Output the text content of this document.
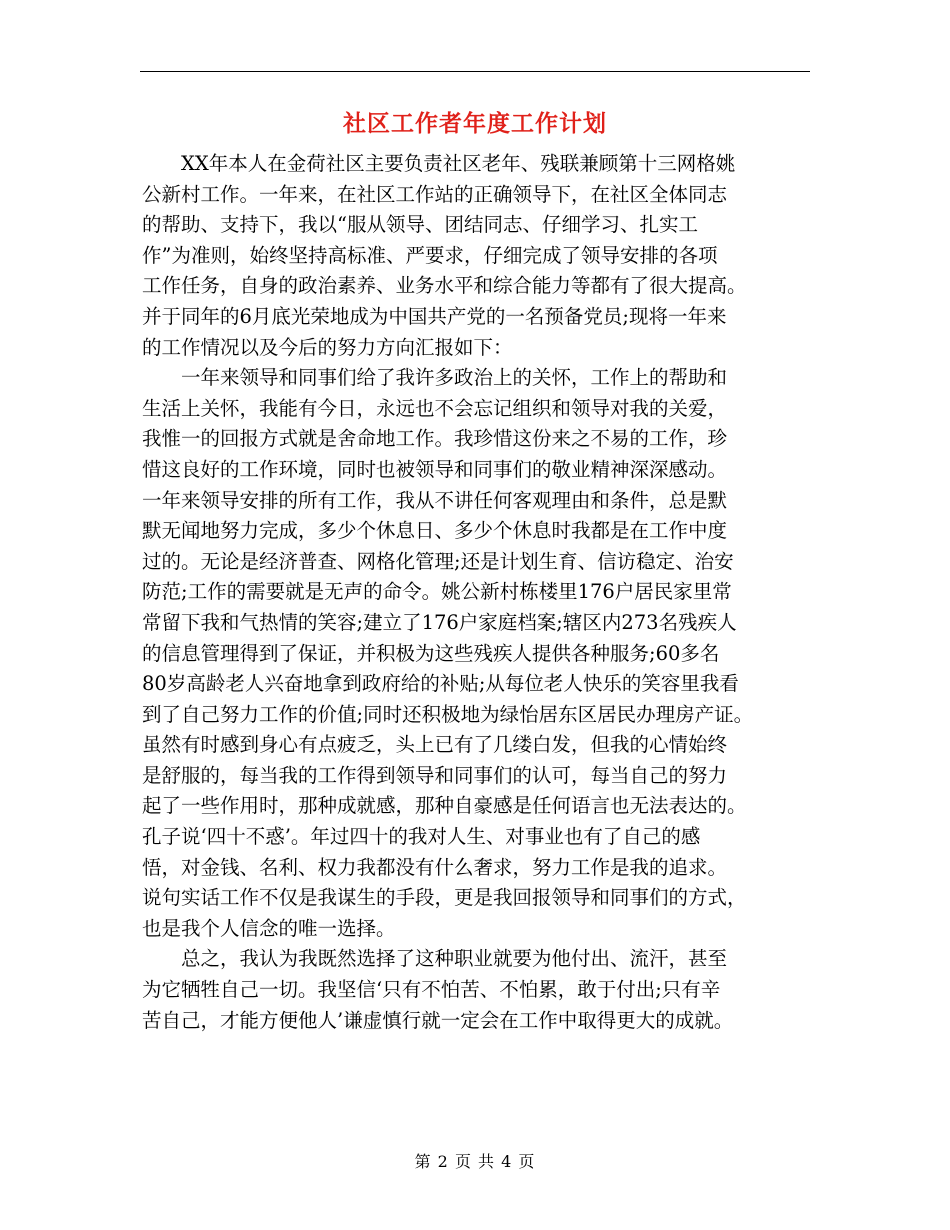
社区工作者年度工作计划
　　XX年本人在金荷社区主要负责社区老年、残联兼顾第十三网格姚
公新村工作。一年来，在社区工作站的正确领导下，在社区全体同志
的帮助、支持下，我以“服从领导、团结同志、仔细学习、扎实工
作”为准则，始终坚持高标准、严要求，仔细完成了领导安排的各项
工作任务，自身的政治素养、业务水平和综合能力等都有了很大提高。
并于同年的6月底光荣地成为中国共产党的一名预备党员;现将一年来
的工作情况以及今后的努力方向汇报如下：
　　一年来领导和同事们给了我许多政治上的关怀，工作上的帮助和
生活上关怀，我能有今日，永远也不会忘记组织和领导对我的关爱，
我惟一的回报方式就是舍命地工作。我珍惜这份来之不易的工作，珍
惜这良好的工作环境，同时也被领导和同事们的敬业精神深深感动。
一年来领导安排的所有工作，我从不讲任何客观理由和条件，总是默
默无闻地努力完成，多少个休息日、多少个休息时我都是在工作中度
过的。无论是经济普查、网格化管理;还是计划生育、信访稳定、治安
防范;工作的需要就是无声的命令。姚公新村栋楼里176户居民家里常
常留下我和气热情的笑容;建立了176户家庭档案;辖区内273名残疾人
的信息管理得到了保证，并积极为这些残疾人提供各种服务;60多名
80岁高龄老人兴奋地拿到政府给的补贴;从每位老人快乐的笑容里我看
到了自己努力工作的价值;同时还积极地为绿怡居东区居民办理房产证。
虽然有时感到身心有点疲乏，头上已有了几缕白发，但我的心情始终
是舒服的，每当我的工作得到领导和同事们的认可，每当自己的努力
起了一些作用时，那种成就感，那种自豪感是任何语言也无法表达的。
孔子说‘四十不惑’。年过四十的我对人生、对事业也有了自己的感
悟，对金钱、名利、权力我都没有什么奢求，努力工作是我的追求。
说句实话工作不仅是我谋生的手段，更是我回报领导和同事们的方式，
也是我个人信念的唯一选择。
　　总之，我认为我既然选择了这种职业就要为他付出、流汗，甚至
为它牺牲自己一切。我坚信‘只有不怕苦、不怕累，敢于付出;只有辛
苦自己，才能方便他人’谦虚慎行就一定会在工作中取得更大的成就。
第 2 页 共 4 页
